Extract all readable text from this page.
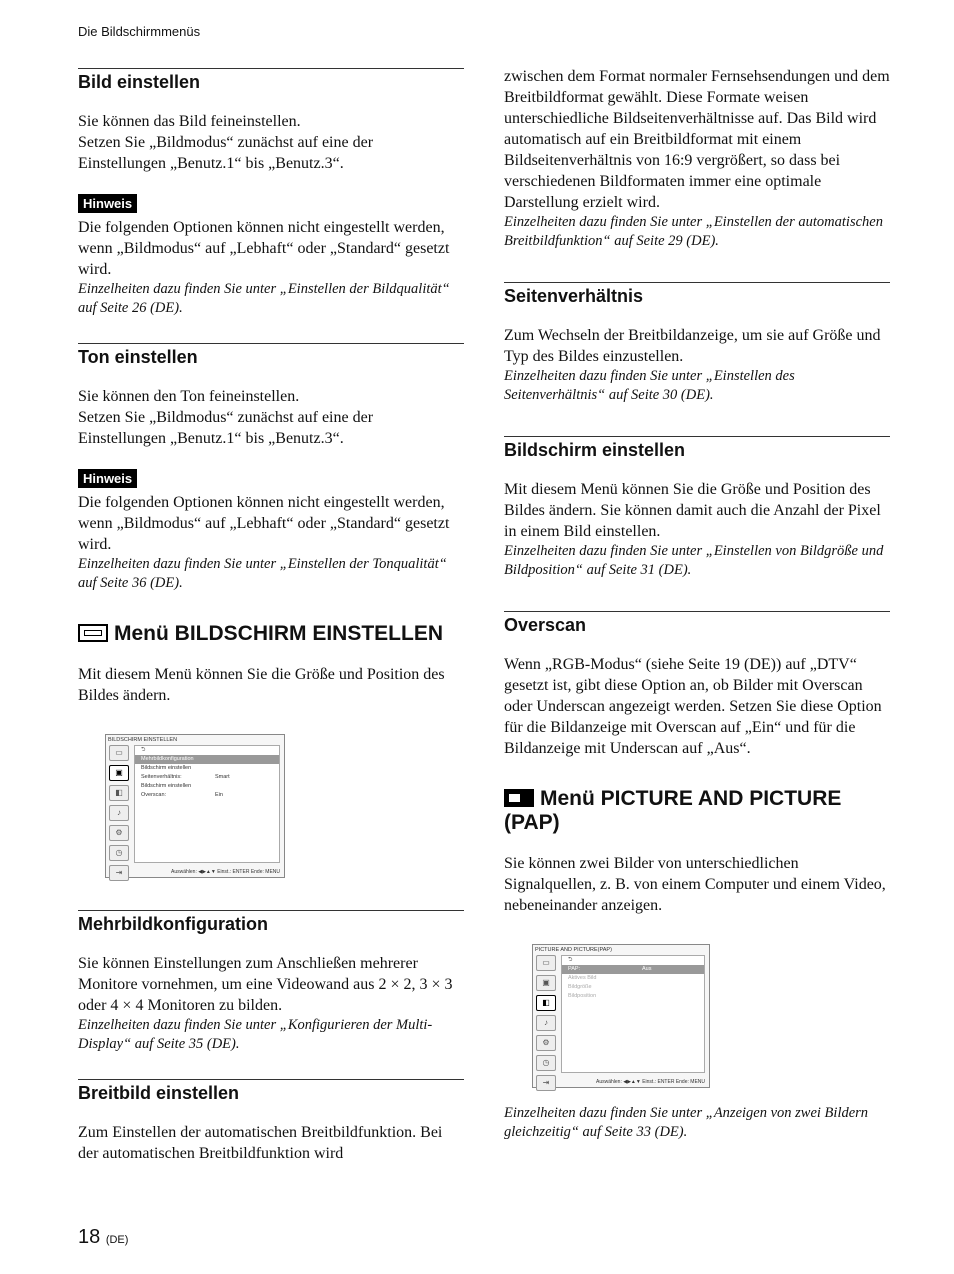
Die Bildschirmmenüs
Bild einstellen

Sie können das Bild feineinstellen.

Setzen Sie „Bildmodus“ zunächst auf eine der Einstellungen „Benutz.1“ bis „Benutz.3“.

Hinweis

Die folgenden Optionen können nicht eingestellt werden, wenn „Bildmodus“ auf „Lebhaft“ oder „Standard“ gesetzt wird.

Einzelheiten dazu finden Sie unter „Einstellen der Bildqualität“ auf Seite 26 (DE).

Ton einstellen

Sie können den Ton feineinstellen.

Setzen Sie „Bildmodus“ zunächst auf eine der Einstellungen „Benutz.1“ bis „Benutz.3“.

Hinweis

Die folgenden Optionen können nicht eingestellt werden, wenn „Bildmodus“ auf „Lebhaft“ oder „Standard“ gesetzt wird.

Einzelheiten dazu finden Sie unter „Einstellen der Tonqualität“ auf Seite 36 (DE).

Menü BILDSCHIRM EINSTELLEN

Mit diesem Menü können Sie die Größe und Position des Bildes ändern.

BILDSCHIRM EINSTELLEN
▭
▣
◧
♪
⚙
◷
⇥
⮌
Mehrbildkonfiguration
Bildschirm einstellen
Seitenverhältnis:	Smart
Bildschirm einstellen
Overscan:	Ein
Auswählen: ◀▶▲▼ Einst.: ENTER Ende: MENU
Mehrbildkonfiguration

Sie können Einstellungen zum Anschließen mehrerer Monitore vornehmen, um eine Videowand aus 2 × 2, 3 × 3 oder 4 × 4 Monitoren zu bilden.

Einzelheiten dazu finden Sie unter „Konfigurieren der Multi-Display“ auf Seite 35 (DE).

Breitbild einstellen

Zum Einstellen der automatischen Breitbildfunktion. Bei der automatischen Breitbildfunktion wird

zwischen dem Format normaler Fernsehsendungen und dem Breitbildformat gewählt. Diese Formate weisen unterschiedliche Bildseitenverhältnisse auf. Das Bild wird automatisch auf ein Breitbildformat mit einem Bildseitenverhältnis von 16:9 vergrößert, so dass bei verschiedenen Bildformaten immer eine optimale Darstellung erzielt wird.

Einzelheiten dazu finden Sie unter „Einstellen der automatischen Breitbildfunktion“ auf Seite 29 (DE).

Seitenverhältnis

Zum Wechseln der Breitbildanzeige, um sie auf Größe und Typ des Bildes einzustellen.

Einzelheiten dazu finden Sie unter „Einstellen des Seitenverhältnis“ auf Seite 30 (DE).

Bildschirm einstellen

Mit diesem Menü können Sie die Größe und Position des Bildes ändern. Sie können damit auch die Anzahl der Pixel in einem Bild einstellen.

Einzelheiten dazu finden Sie unter „Einstellen von Bildgröße und Bildposition“ auf Seite 31 (DE).

Overscan

Wenn „RGB-Modus“ (siehe Seite 19 (DE)) auf „DTV“ gesetzt ist, gibt diese Option an, ob Bilder mit Overscan oder Underscan angezeigt werden. Setzen Sie diese Option für die Bildanzeige mit Overscan auf „Ein“ und für die Bildanzeige mit Underscan auf „Aus“.

Menü PICTURE AND PICTURE (PAP)

Sie können zwei Bilder von unterschiedlichen Signalquellen, z. B. von einem Computer und einem Video, nebeneinander anzeigen.

PICTURE AND PICTURE(PAP)
▭
▣
◧
♪
⚙
◷
⇥
⮌
PAP:	Aus
Aktives Bild
Bildgröße
Bildposition
Auswählen: ◀▶▲▼ Einst.: ENTER Ende: MENU

Einzelheiten dazu finden Sie unter „Anzeigen von zwei Bildern gleichzeitig“ auf Seite 33 (DE).

18 (DE)
